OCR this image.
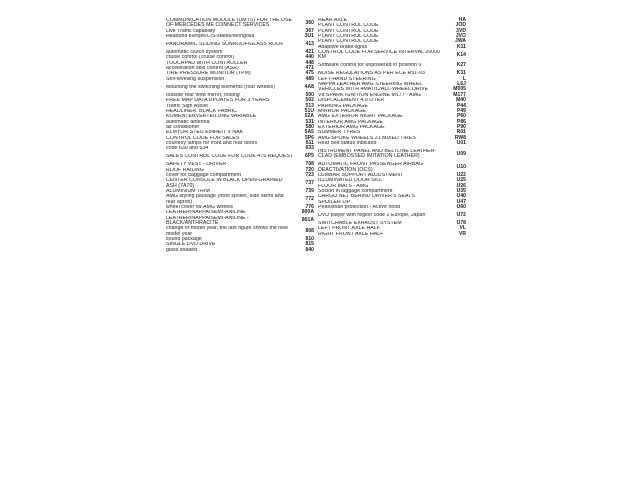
COMMUNICATION MODULE (UMTS) FOR THE USE OF MERCEDES ME CONNECT SERVICES	360
Live Traffic capability	367
Headunit europe/CIS-states/Mongolia	3U1
PANORAMIC SLIDING SUNROOF/GLASS ROOF	413
automatic clutch system	421
cruise control (cruise control)	440
TOUCHPAD WITH CONTROLLER	448
acceleration skid control (ASR)	471
TIRE PRESSURE MONITOR (TPM)	475
Self-levelling suspension	489
Mounting the switching elements (four wheels)	4A8
outside rear view mirror, folding	500
FREE MAP DATA UPDATES FOR 3 YEARS	502
Traffic Sign Assist	513
HEADLINER, BLACK FABRIC	51U
KOMENTERVERTEILUNG VARIABLE	52A
automatic antenna	531
air conditioner	580
ELMYOR.STEU.EINHEIT V NAK	5A5
CONTROL CODE FOR SALES	5P6
courtesy lamps for front and rear doors	611
code 630 and 634	633
SALES CONTROL CODE FOR CODE 475 REQUEST	6P5
SAFETY VEST - DRIVER	708
ROOF RAILING	720
cover for baggage compartment	723
CENTER CONSOLE IN BLACK OPEN-GRAINED ASH (7A70)	737
ALUMINIUM TRIM	739
AMG styling package (front spoiler, side skirts and rear apron)	772
wheel cover for AMG wheels	776
LEATHER/NAPPA/SEMI-ANILINE	800A
LEATHER/NAPPA/SEMI-ANILINE - BLACK/ANTHRACITE	801A
change of model year, the last figure shows the new model year	808
sound package	810
SINGLE DVD DRIVE	815
glass shaded	840
REAR AXLE	HA
PLANT CONTROL CODE	JOD
PLANT CONTROL CODE	3VD
PLANT CONTROL CODE	JVO
PLANT CONTROL CODE	JWA
Adaptive brake lights	K11
CONTROL CODE FOR SERVICE INTERVAL 20000 KM	K14
Software control for unpowered in position 0	K27
NOISE REGULATIONS AS PER ECE R51-03	K31
LEFT-HAND STEERING	L
NAPPA LEATHER AMG STEERING WHEEL	L6J
VEHICLES WITH 4MATIC/ALL-WHEEL DRIVE	M005
V8 SPARK IGNITION ENGINE M177 - AMG	M177
DISPLACEMENT 4.0 LITER	M40
PARKING PACKAGE	P44
MIRROR PACKAGE	P49
AMG EXTERIOR NIGHT PACKAGE	P60
INTERIOR AMG PACKAGE	P86
EXTERIOR AMG PACKAGE	P90
SUMMER TYRES	R01
AMG SPOKE WHEELS 21 MIXED TIRES'	RW8
Rear belt status indicator	U01
INSTRUMENT PANEL AND BELTLINE LEATHER-CLAD (EMBOSSED IMITATION LEATHER)	U09
AUTOMATIC FRONT PASSENGER AIRBAG DEACTIVATION (OCS)	U10
LUMBAR SUPPORT ADJUSTMENT	U22
ILLUMINATED DOOR SILL	U25
FLOOR MATS - AMG	U26
Socket in luggage compartment	U35
CARGO NET BEHIND DRIVER'S SEATS	U40
SPOILER LIP	U47
Pedestrian protection - Active hood	U60
DVD player with region code 2 Europe, Japan	U72
SWITCHABLE EXHAUST SYSTEM	U78
LEFT FRONT AXLE HALF	VL
RIGHT FRONT AXLE HALF	VR
